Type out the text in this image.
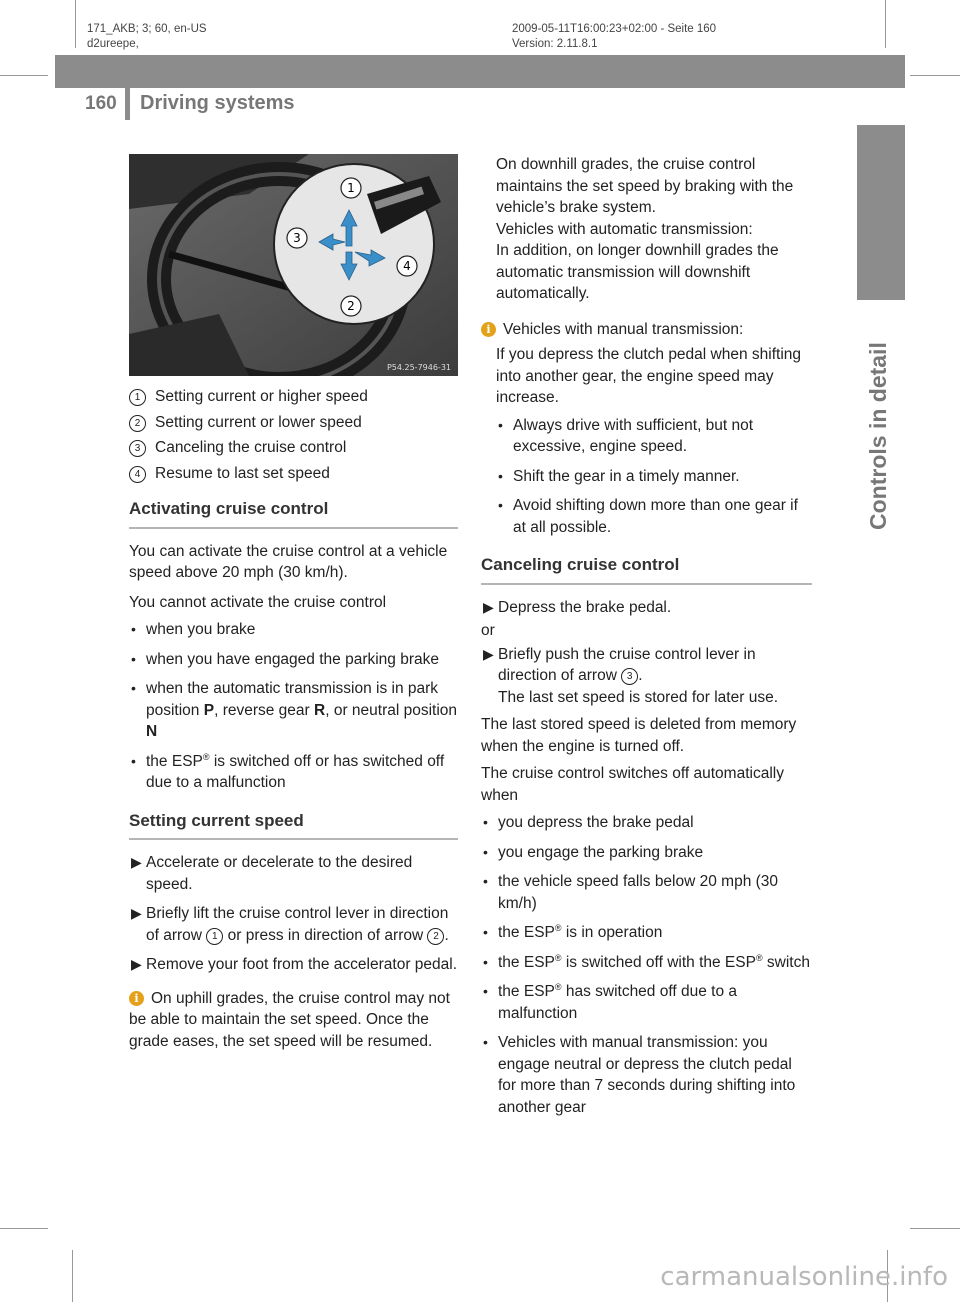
171_AKB; 3; 60, en-US
d2ureepe,
2009-05-11T16:00:23+02:00 - Seite 160
Version: 2.11.8.1
160 Driving systems
Controls in detail
1
2
3
4
P54.25-7946-31
1 Setting current or higher speed
2 Setting current or lower speed
3 Canceling the cruise control
4 Resume to last set speed
Activating cruise control

You can activate the cruise control at a vehicle speed above 20 mph (30 km/h).

You cannot activate the cruise control

• when you brake
• when you have engaged the parking brake
• when the automatic transmission is in park position P, reverse gear R, or neutral position N
• the ESP® is switched off or has switched off due to a malfunction
Setting current speed
▶ Accelerate or decelerate to the desired speed.
▶ Briefly lift the cruise control lever in direction of arrow 1 or press in direction of arrow 2 .
▶ Remove your foot from the accelerator pedal.
i On uphill grades, the cruise control may not be able to maintain the set speed. Once the grade eases, the set speed will be resumed.

On downhill grades, the cruise control maintains the set speed by braking with the vehicle’s brake system.

Vehicles with automatic transmission:

In addition, on longer downhill grades the automatic transmission will downshift automatically.

i Vehicles with manual transmission:

If you depress the clutch pedal when shifting into another gear, the engine speed may increase.

• Always drive with sufficient, but not excessive, engine speed.
• Shift the gear in a timely manner.
• Avoid shifting down more than one gear if at all possible.
Canceling cruise control
▶ Depress the brake pedal.

or

▶ Briefly push the cruise control lever in direction of arrow 3 .

The last set speed is stored for later use.

The last stored speed is deleted from memory when the engine is turned off.

The cruise control switches off automatically when

• you depress the brake pedal
• you engage the parking brake
• the vehicle speed falls below 20 mph (30 km/h)
• the ESP® is in operation
• the ESP® is switched off with the ESP® switch
• the ESP® has switched off due to a malfunction
• Vehicles with manual transmission: you engage neutral or depress the clutch pedal for more than 7 seconds during shifting into another gear
carmanualsonline.info
